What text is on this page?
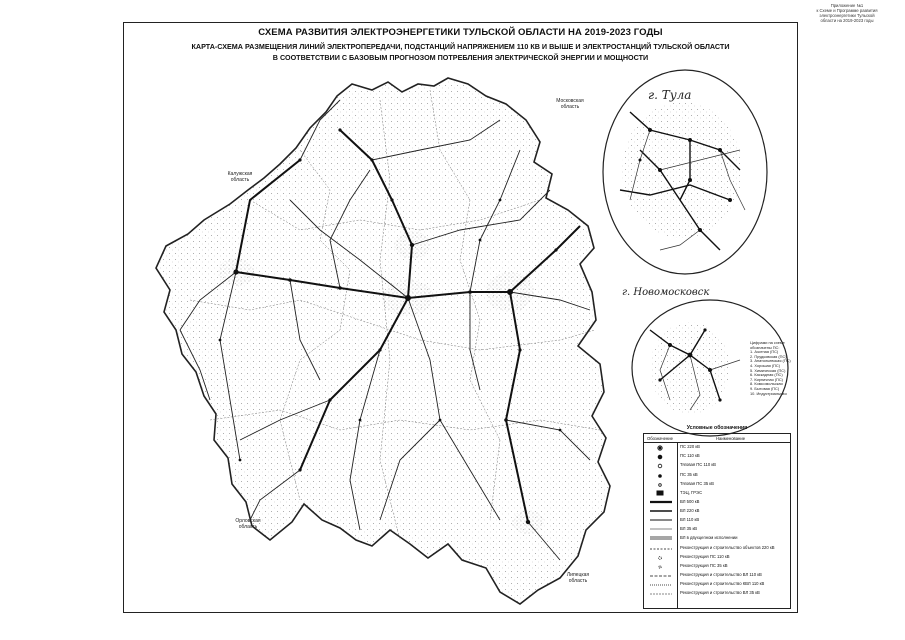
Приложение №1
к Схеме и Программе развития
электроэнергетики Тульской
области на 2019-2023 годы
СХЕМА РАЗВИТИЯ ЭЛЕКТРОЭНЕРГЕТИКИ ТУЛЬСКОЙ ОБЛАСТИ НА 2019-2023 ГОДЫ
КАРТА-СХЕМА РАЗМЕЩЕНИЯ ЛИНИЙ ЭЛЕКТРОПЕРЕДАЧИ, ПОДСТАНЦИЙ НАПРЯЖЕНИЕМ 110 КВ И ВЫШЕ И ЭЛЕКТРОСТАНЦИЙ ТУЛЬСКОЙ ОБЛАСТИ
В СООТВЕТСТВИИ С БАЗОВЫМ ПРОГНОЗОМ ПОТРЕБЛЕНИЯ ЭЛЕКТРИЧЕСКОЙ ЭНЕРГИИ И МОЩНОСТИ
Московская область
Калужская область
Орловская область
Липецкая область
г. Тула
г. Новомосковск
Цифрами на схеме обозначены ПС:
1. Азотная (ПС)
2. Прудковская (ПС)
3. Анатольевская (ПС)
4. Хорошая (ПС)
5. Химическая (ПС)
6. Каскадная (ПС)
7. Кирпичная (ПС)
8. Комсомольская
9. Бытовая (ПС)
10. Индустриальная
Условные обозначения
Обозначение	Наименование
ПС 220 кВ
ПС 110 кВ
Тяговая ПС 110 кВ
ПС 35 кВ
Тяговая ПС 35 кВ
ТЭЦ, ГРЭС
ВЛ 500 кВ
ВЛ 220 кВ
ВЛ 110 кВ
ВЛ 35 кВ
ВЛ в двухцепном исполнении
Реконструкция и строительство объектов 220 кВ
Реконструкция ПС 110 кВ
Реконструкция ПС 35 кВ
Реконструкция и строительство ВЛ 110 кВ
Реконструкция и строительство КВЛ 110 кВ
Реконструкция и строительство ВЛ 35 кВ
